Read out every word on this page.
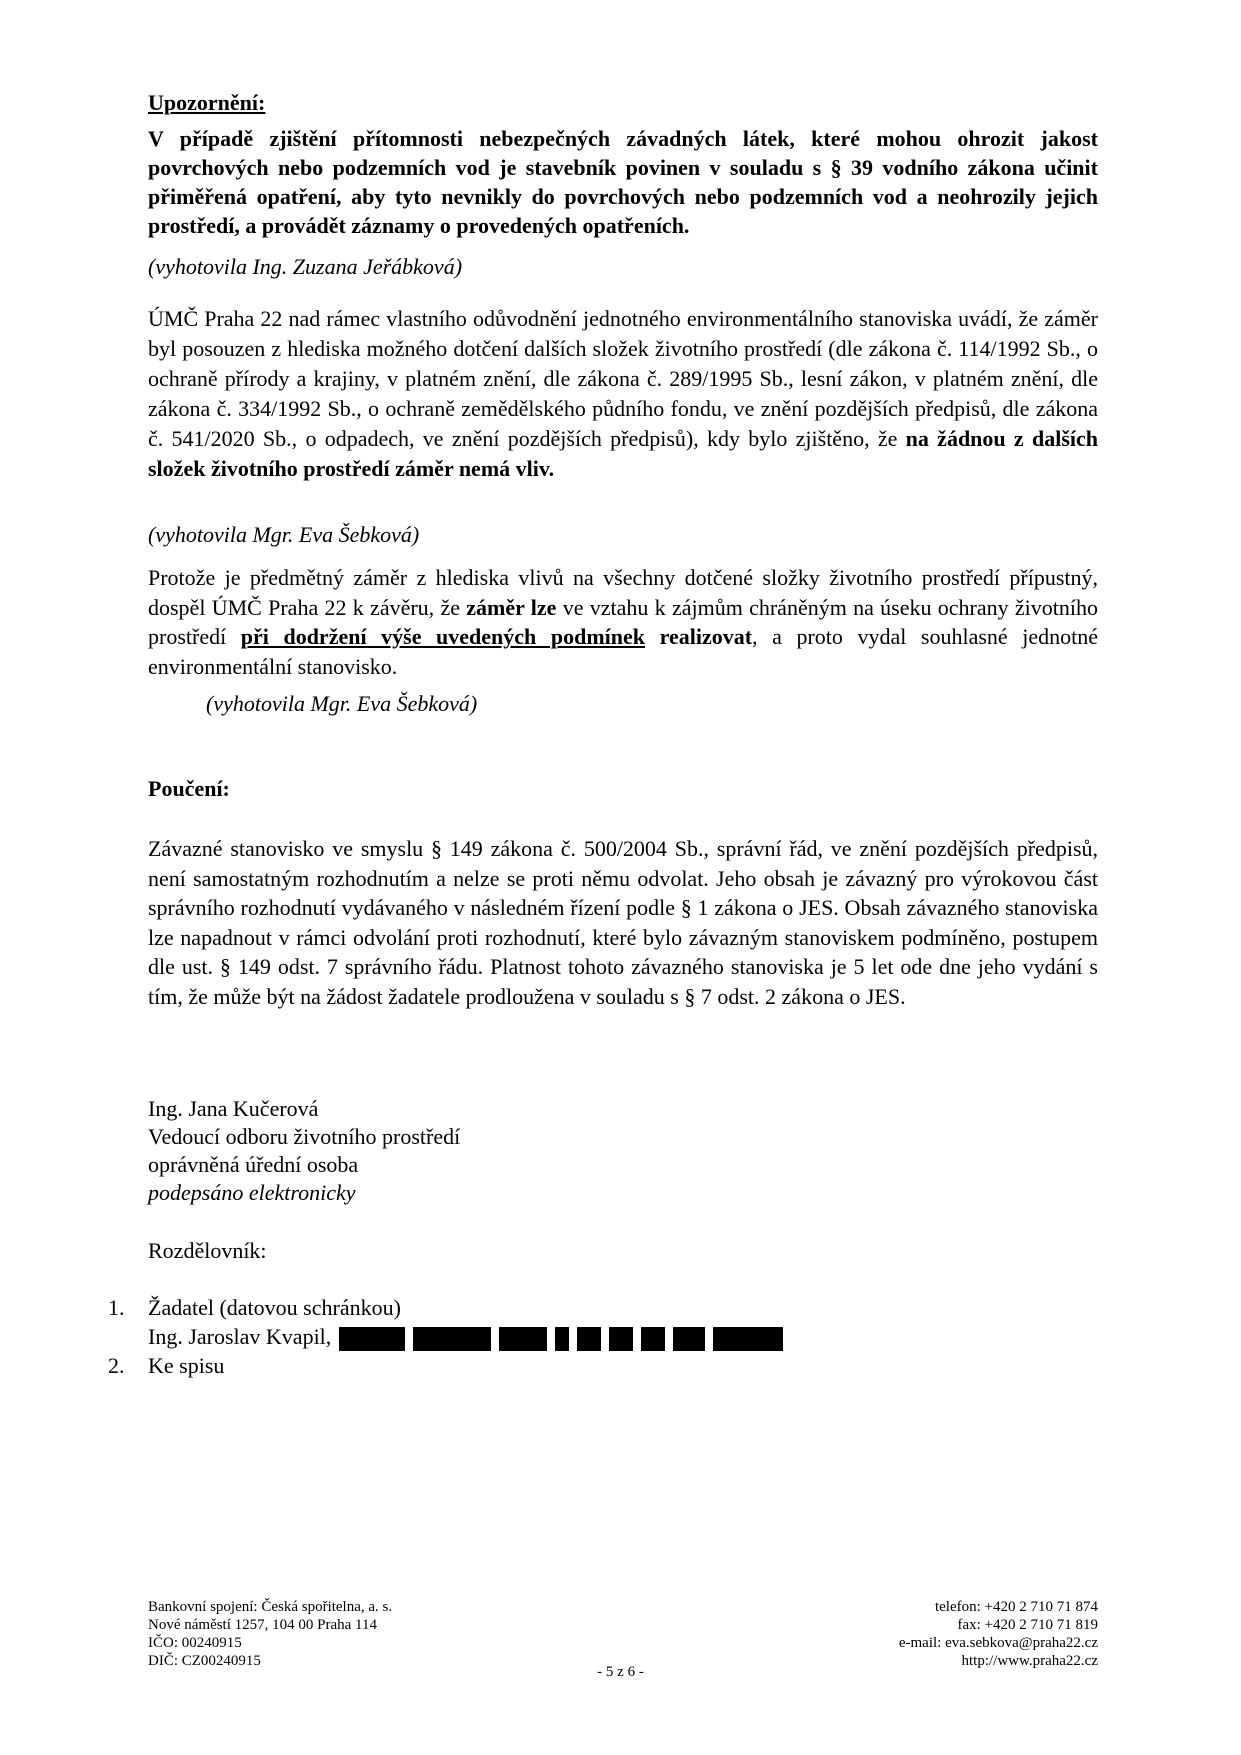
Upozornění:

V případě zjištění přítomnosti nebezpečných závadných látek, které mohou ohrozit jakost povrchových nebo podzemních vod je stavebník povinen v souladu s § 39 vodního zákona učinit přiměřená opatření, aby tyto nevnikly do povrchových nebo podzemních vod a neohrozily jejich prostředí, a provádět záznamy o provedených opatřeních.

(vyhotovila Ing. Zuzana Jeřábková)

ÚMČ Praha 22 nad rámec vlastního odůvodnění jednotného environmentálního stanoviska uvádí, že záměr byl posouzen z hlediska možného dotčení dalších složek životního prostředí (dle zákona č. 114/1992 Sb., o ochraně přírody a krajiny, v platném znění, dle zákona č. 289/1995 Sb., lesní zákon, v platném znění, dle zákona č. 334/1992 Sb., o ochraně zemědělského půdního fondu, ve znění pozdějších předpisů, dle zákona č. 541/2020 Sb., o odpadech, ve znění pozdějších předpisů), kdy bylo zjištěno, že na žádnou z dalších složek životního prostředí záměr nemá vliv.

(vyhotovila Mgr. Eva Šebková)

Protože je předmětný záměr z hlediska vlivů na všechny dotčené složky životního prostředí přípustný, dospěl ÚMČ Praha 22 k závěru, že záměr lze ve vztahu k zájmům chráněným na úseku ochrany životního prostředí při dodržení výše uvedených podmínek realizovat, a proto vydal souhlasné jednotné environmentální stanovisko.

(vyhotovila Mgr. Eva Šebková)

Poučení:

Závazné stanovisko ve smyslu § 149 zákona č. 500/2004 Sb., správní řád, ve znění pozdějších předpisů, není samostatným rozhodnutím a nelze se proti němu odvolat. Jeho obsah je závazný pro výrokovou část správního rozhodnutí vydávaného v následném řízení podle § 1 zákona o JES. Obsah závazného stanoviska lze napadnout v rámci odvolání proti rozhodnutí, které bylo závazným stanoviskem podmíněno, postupem dle ust. § 149 odst. 7 správního řádu. Platnost tohoto závazného stanoviska je 5 let ode dne jeho vydání s tím, že může být na žádost žadatele prodloužena v souladu s § 7 odst. 2 zákona o JES.

Ing. Jana Kučerová
Vedoucí odboru životního prostředí
oprávněná úřední osoba
podepsáno elektronicky
Rozdělovník:
1.	Žadatel (datovou schránkou)
Ing. Jaroslav Kvapil,
2.	Ke spisu
Bankovní spojení: Česká spořitelna, a. s.
Nové náměstí 1257, 104 00 Praha 114
IČO: 00240915
DIČ: CZ00240915
telefon: +420 2 710 71 874
fax: +420 2 710 71 819
e-mail: eva.sebkova@praha22.cz
http://www.praha22.cz
- 5 z 6 -
